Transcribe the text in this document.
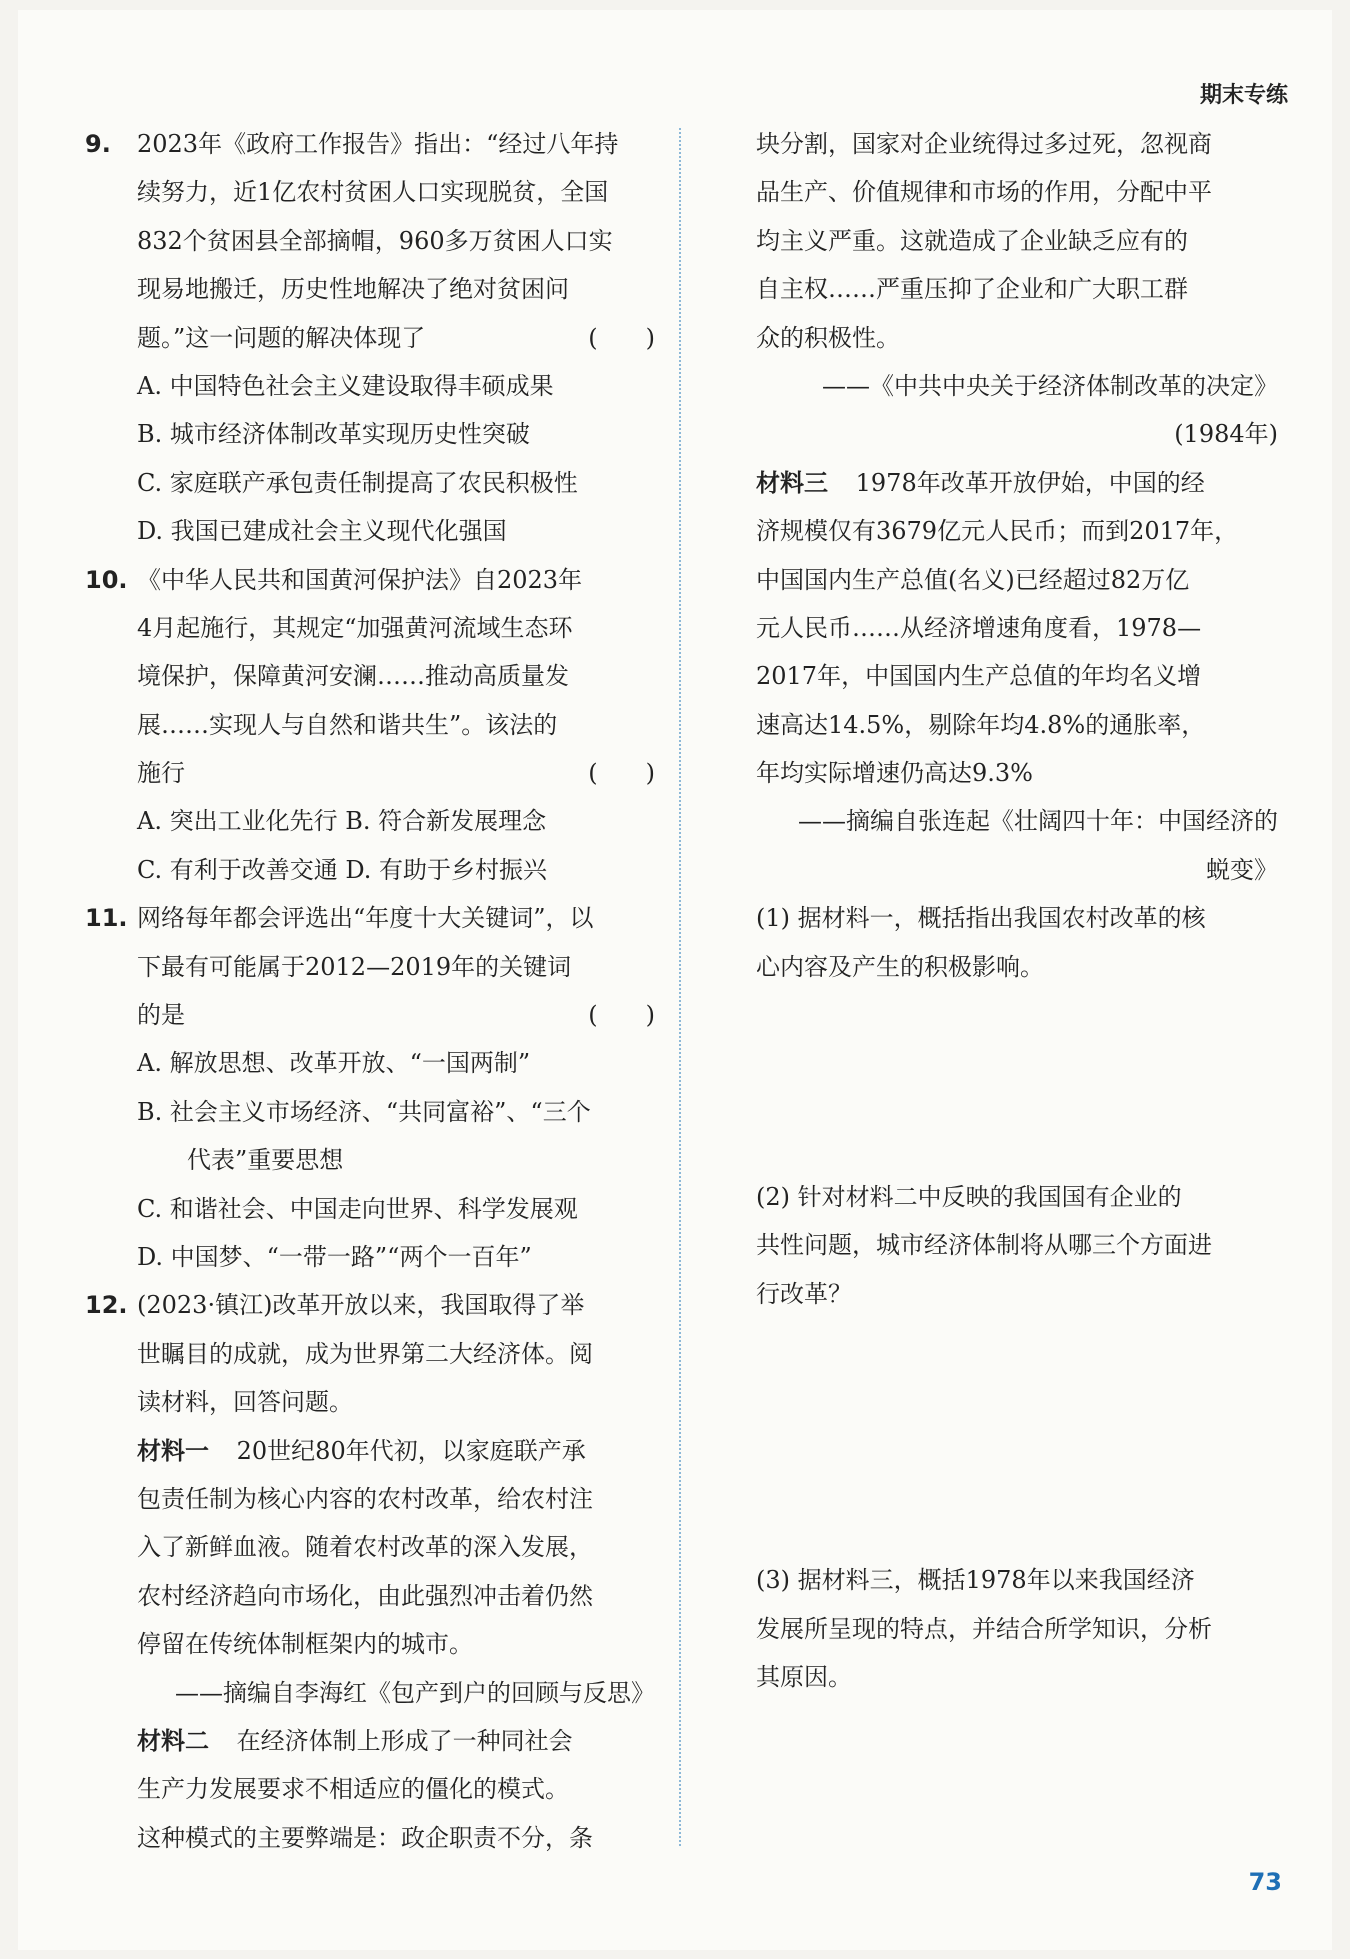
期末专练
9.	2023年《政府工作报告》指出：“经过八年持
续努力，近1亿农村贫困人口实现脱贫，全国
832个贫困县全部摘帽，960多万贫困人口实
现易地搬迁，历史性地解决了绝对贫困问
题。”这一问题的解决体现了	(　　)
A. 中国特色社会主义建设取得丰硕成果
B. 城市经济体制改革实现历史性突破
C. 家庭联产承包责任制提高了农民积极性
D. 我国已建成社会主义现代化强国
10. 《中华人民共和国黄河保护法》自2023年
4月起施行，其规定“加强黄河流域生态环
境保护，保障黄河安澜……推动高质量发
展……实现人与自然和谐共生”。该法的
施行	(　　)
A. 突出工业化先行 B. 符合新发展理念
C. 有利于改善交通 D. 有助于乡村振兴
11. 网络每年都会评选出“年度十大关键词”，以
下最有可能属于2012—2019年的关键词
的是	(　　)
A. 解放思想、改革开放、“一国两制”
B. 社会主义市场经济、“共同富裕”、“三个
代表”重要思想
C. 和谐社会、中国走向世界、科学发展观
D. 中国梦、“一带一路”“两个一百年”
12. (2023·镇江)改革开放以来，我国取得了举
世瞩目的成就，成为世界第二大经济体。阅
读材料，回答问题。
材料一 20世纪80年代初，以家庭联产承
包责任制为核心内容的农村改革，给农村注
入了新鲜血液。随着农村改革的深入发展，
农村经济趋向市场化，由此强烈冲击着仍然
停留在传统体制框架内的城市。
——摘编自李海红《包产到户的回顾与反思》
材料二 在经济体制上形成了一种同社会
生产力发展要求不相适应的僵化的模式。
这种模式的主要弊端是：政企职责不分，条
块分割，国家对企业统得过多过死，忽视商
品生产、价值规律和市场的作用，分配中平
均主义严重。这就造成了企业缺乏应有的
自主权……严重压抑了企业和广大职工群
众的积极性。
——《中共中央关于经济体制改革的决定》
(1984年)
材料三 1978年改革开放伊始，中国的经
济规模仅有3679亿元人民币；而到2017年，
中国国内生产总值(名义)已经超过82万亿
元人民币……从经济增速角度看，1978—
2017年，中国国内生产总值的年均名义增
速高达14.5%，剔除年均4.8%的通胀率，
年均实际增速仍高达9.3%
——摘编自张连起《壮阔四十年：中国经济的
蜕变》
(1) 据材料一，概括指出我国农村改革的核
心内容及产生的积极影响。
(2) 针对材料二中反映的我国国有企业的
共性问题，城市经济体制将从哪三个方面进
行改革？
(3) 据材料三，概括1978年以来我国经济
发展所呈现的特点，并结合所学知识，分析
其原因。
73
